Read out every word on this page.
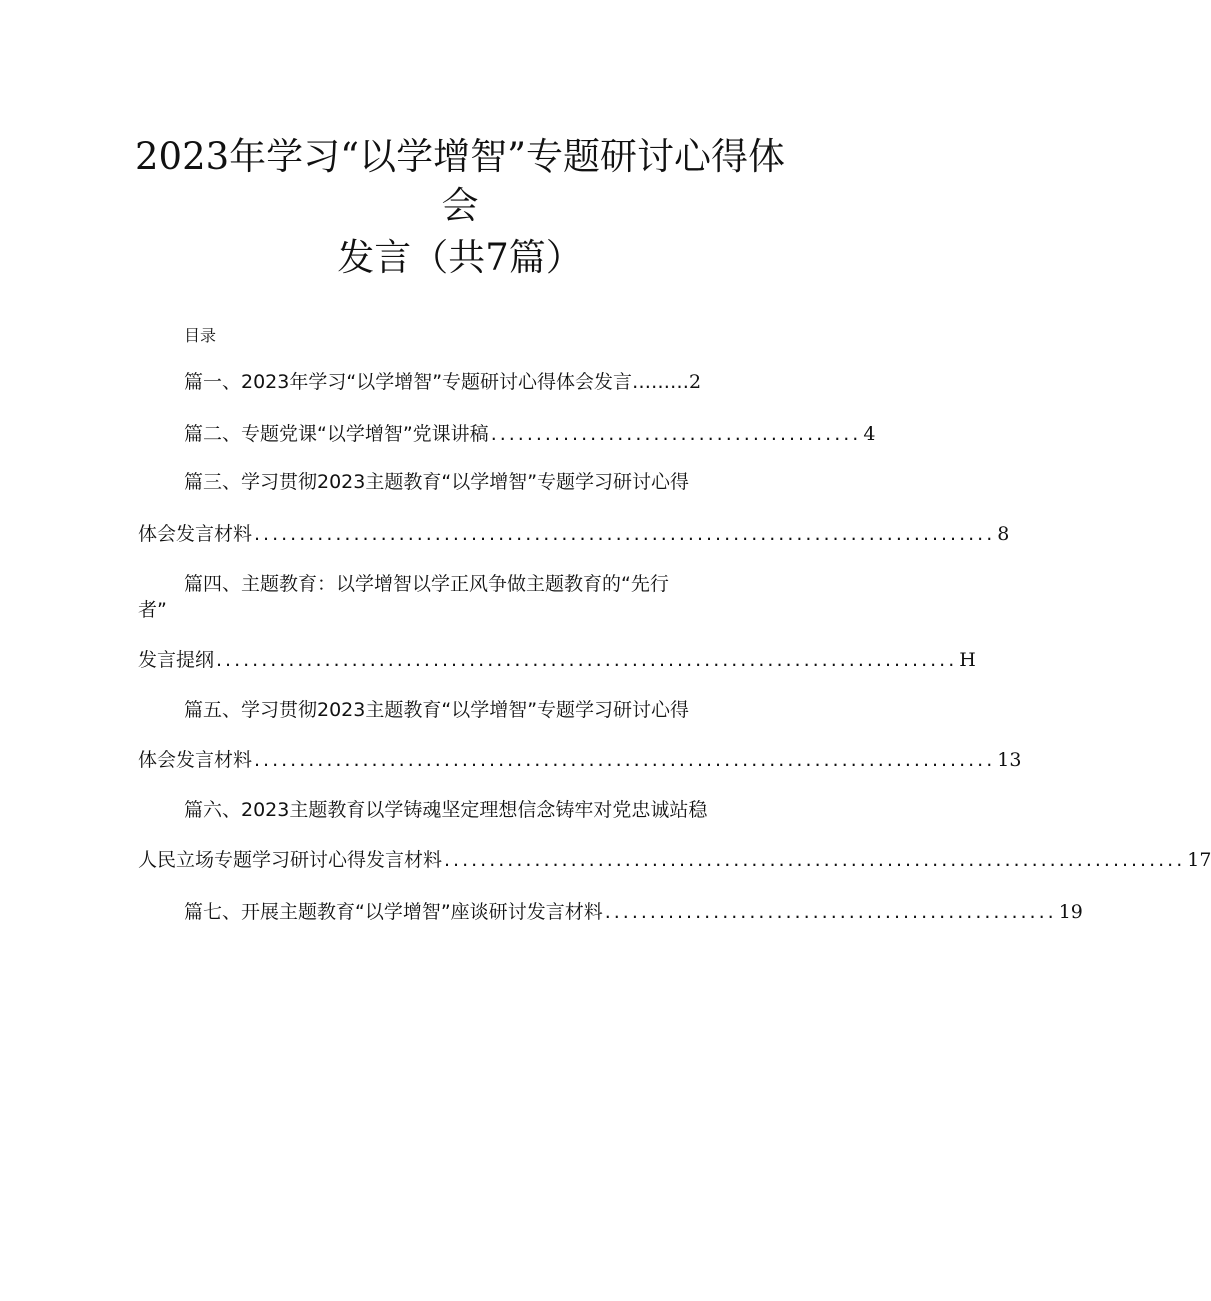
2023年学习“以学增智”专题研讨心得体
会
发言（共7篇）
目录
篇一、2023年学习“以学增智”专题研讨心得体会发言 ……… 2
篇二、专题党课“以学增智”党课讲稿 ......................................... 4
篇三、学习贯彻2023主题教育“以学增智”专题学习研讨心得
体会发言材料 .................................................................................. 8
篇四、主题教育：以学增智以学正风争做主题教育的“先行
者”
发言提纲 .................................................................................. H
篇五、学习贯彻2023主题教育“以学增智”专题学习研讨心得
体会发言材料 .................................................................................. 13
篇六、2023主题教育以学铸魂坚定理想信念铸牢对党忠诚站稳
人民立场专题学习研讨心得发言材料 .................................................................................. 17
篇七、开展主题教育“以学增智”座谈研讨发言材料 .................................................. 19
